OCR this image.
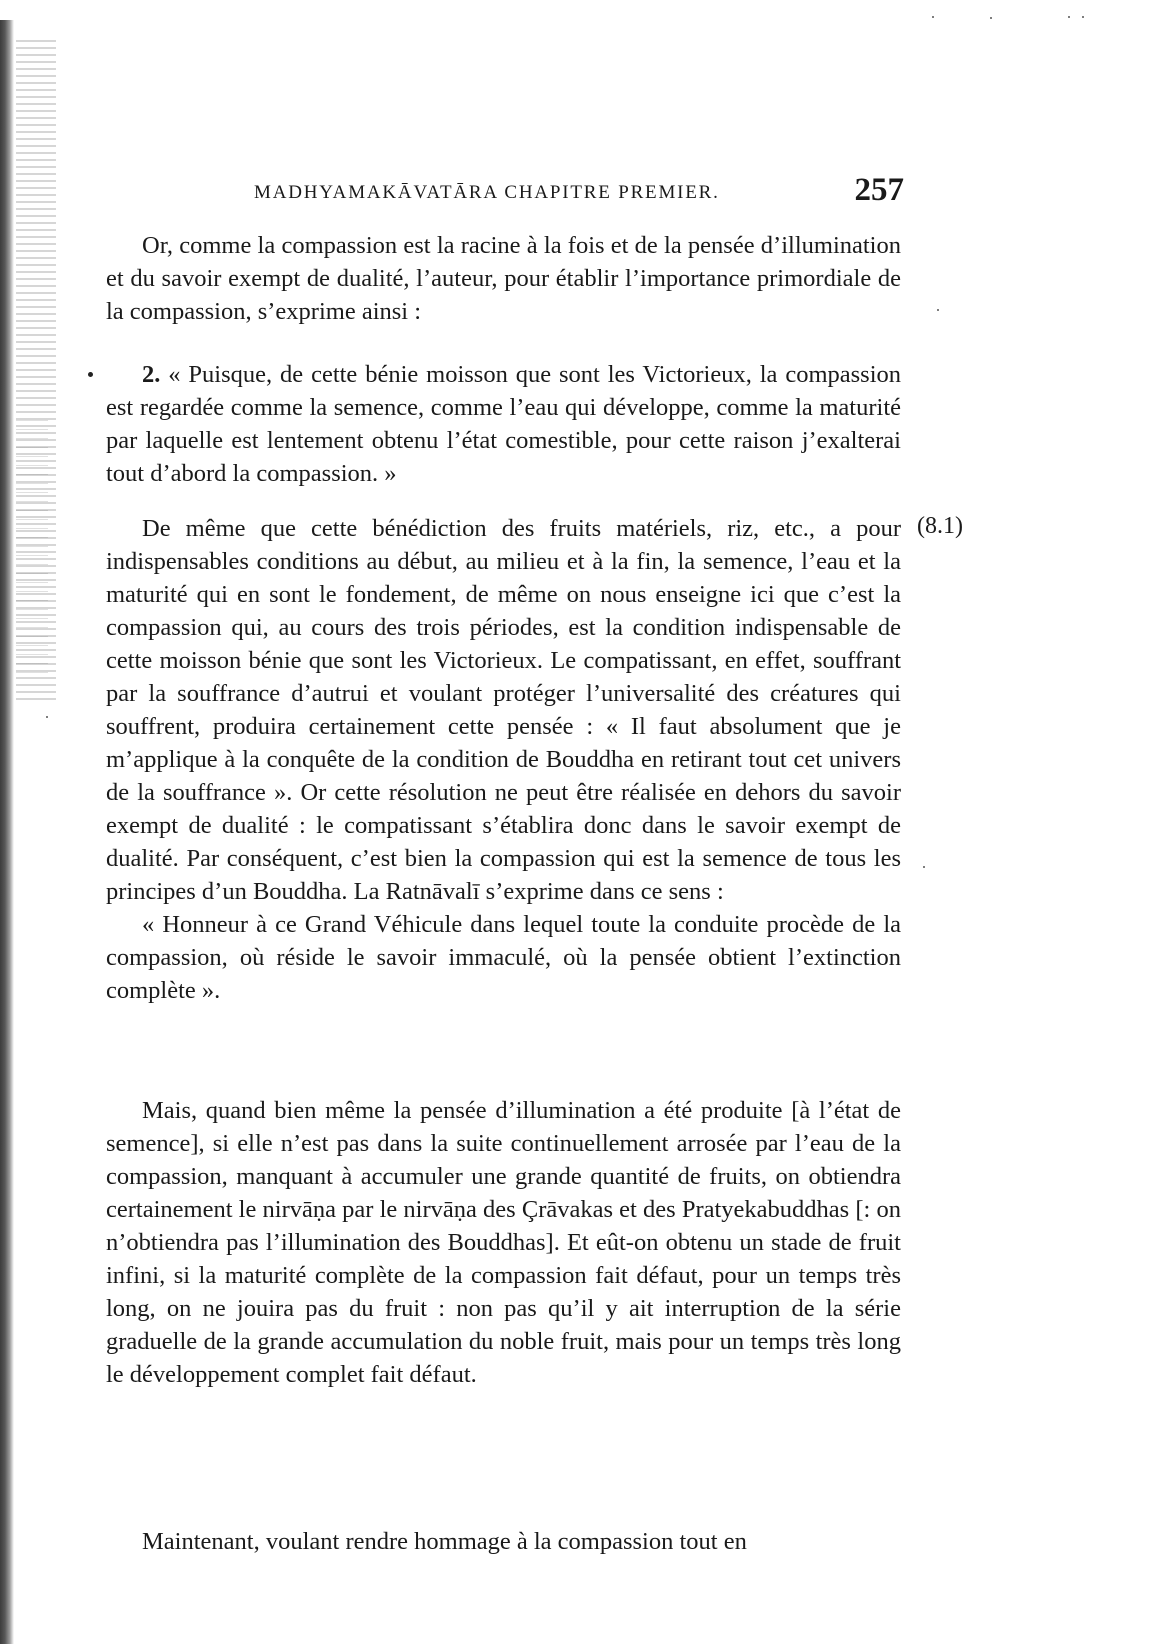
MADHYAMAKĀVATĀRA CHAPITRE PREMIER.	257
(8.1)

Or, comme la compassion est la racine à la fois et de la pensée d’illumination et du savoir exempt de dualité, l’auteur, pour établir l’importance primordiale de la compassion, s’exprime ainsi :

2. « Puisque, de cette bénie moisson que sont les Victorieux, la compassion est regardée comme la semence, comme l’eau qui développe, comme la maturité par laquelle est lentement obtenu l’état comestible, pour cette raison j’exalterai tout d’abord la compassion. »

De même que cette bénédiction des fruits matériels, riz, etc., a pour indispensables conditions au début, au milieu et à la fin, la semence, l’eau et la maturité qui en sont le fondement, de même on nous enseigne ici que c’est la compassion qui, au cours des trois périodes, est la condition indispensable de cette moisson bénie que sont les Victorieux. Le compatissant, en effet, souffrant par la souffrance d’autrui et voulant protéger l’universalité des créatures qui souffrent, produira certainement cette pensée : « Il faut absolument que je m’applique à la conquête de la condition de Bouddha en retirant tout cet univers de la souffrance ». Or cette résolution ne peut être réalisée en dehors du savoir exempt de dualité : le compatissant s’établira donc dans le savoir exempt de dualité. Par conséquent, c’est bien la compassion qui est la semence de tous les principes d’un Bouddha. La Ratnāvalī s’exprime dans ce sens :

« Honneur à ce Grand Véhicule dans lequel toute la conduite procède de la compassion, où réside le savoir immaculé, où la pensée obtient l’extinction complète ».

Mais, quand bien même la pensée d’illumination a été produite [à l’état de semence], si elle n’est pas dans la suite continuellement arrosée par l’eau de la compassion, manquant à accumuler une grande quantité de fruits, on obtiendra certainement le nirvāṇa par le nirvāṇa des Çrāvakas et des Pratyekabuddhas [: on n’obtiendra pas l’illumination des Bouddhas]. Et eût-on obtenu un stade de fruit infini, si la maturité complète de la compassion fait défaut, pour un temps très long, on ne jouira pas du fruit : non pas qu’il y ait interruption de la série graduelle de la grande accumulation du noble fruit, mais pour un temps très long le développement complet fait défaut.

Maintenant, voulant rendre hommage à la compassion tout en
